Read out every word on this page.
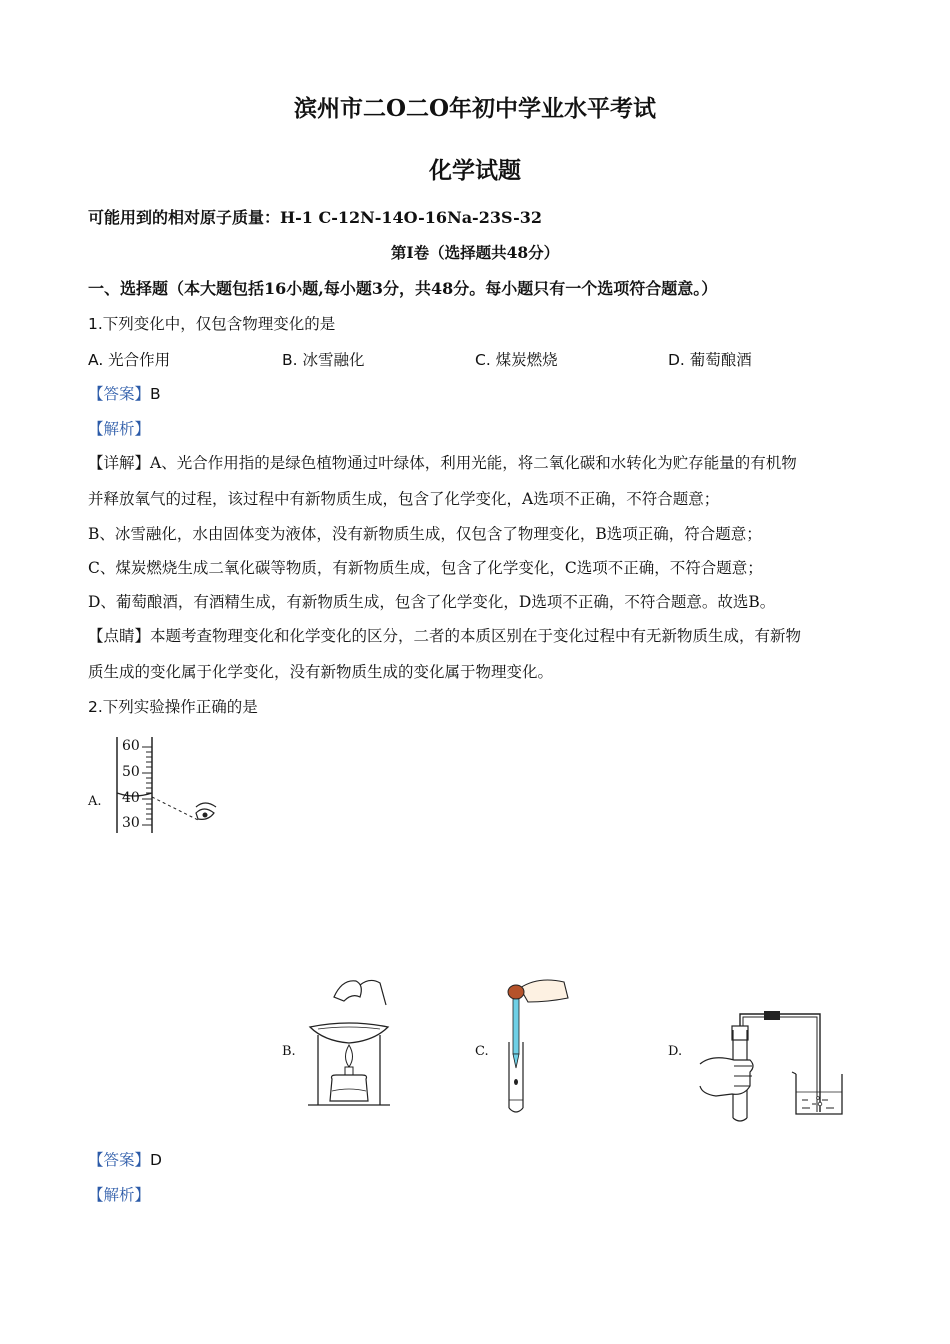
滨州市二O二O年初中学业水平考试
化学试题
可能用到的相对原子质量：H-1 C-12N-14O-16Na-23S-32
第I卷（选择题共48分）
一、选择题（本大题包括16小题,每小题3分，共48分。每小题只有一个选项符合题意。）
1.下列变化中，仅包含物理变化的是
A. 光合作用	B. 冰雪融化	C. 煤炭燃烧	D. 葡萄酿酒
【答案】B
【解析】
【详解】A、光合作用指的是绿色植物通过叶绿体，利用光能，将二氧化碳和水转化为贮存能量的有机物
并释放氧气的过程，该过程中有新物质生成，包含了化学变化，A选项不正确，不符合题意；
B、冰雪融化，水由固体变为液体，没有新物质生成，仅包含了物理变化，B选项正确，符合题意；
C、煤炭燃烧生成二氧化碳等物质，有新物质生成，包含了化学变化，C选项不正确，不符合题意；
D、葡萄酿酒，有酒精生成，有新物质生成，包含了化学变化，D选项不正确，不符合题意。故选B。
【点睛】本题考查物理变化和化学变化的区分，二者的本质区别在于变化过程中有无新物质生成，有新物
质生成的变化属于化学变化，没有新物质生成的变化属于物理变化。
2.下列实验操作正确的是
A.
60
50
40
30
B.	C.	D.
【答案】D
【解析】
